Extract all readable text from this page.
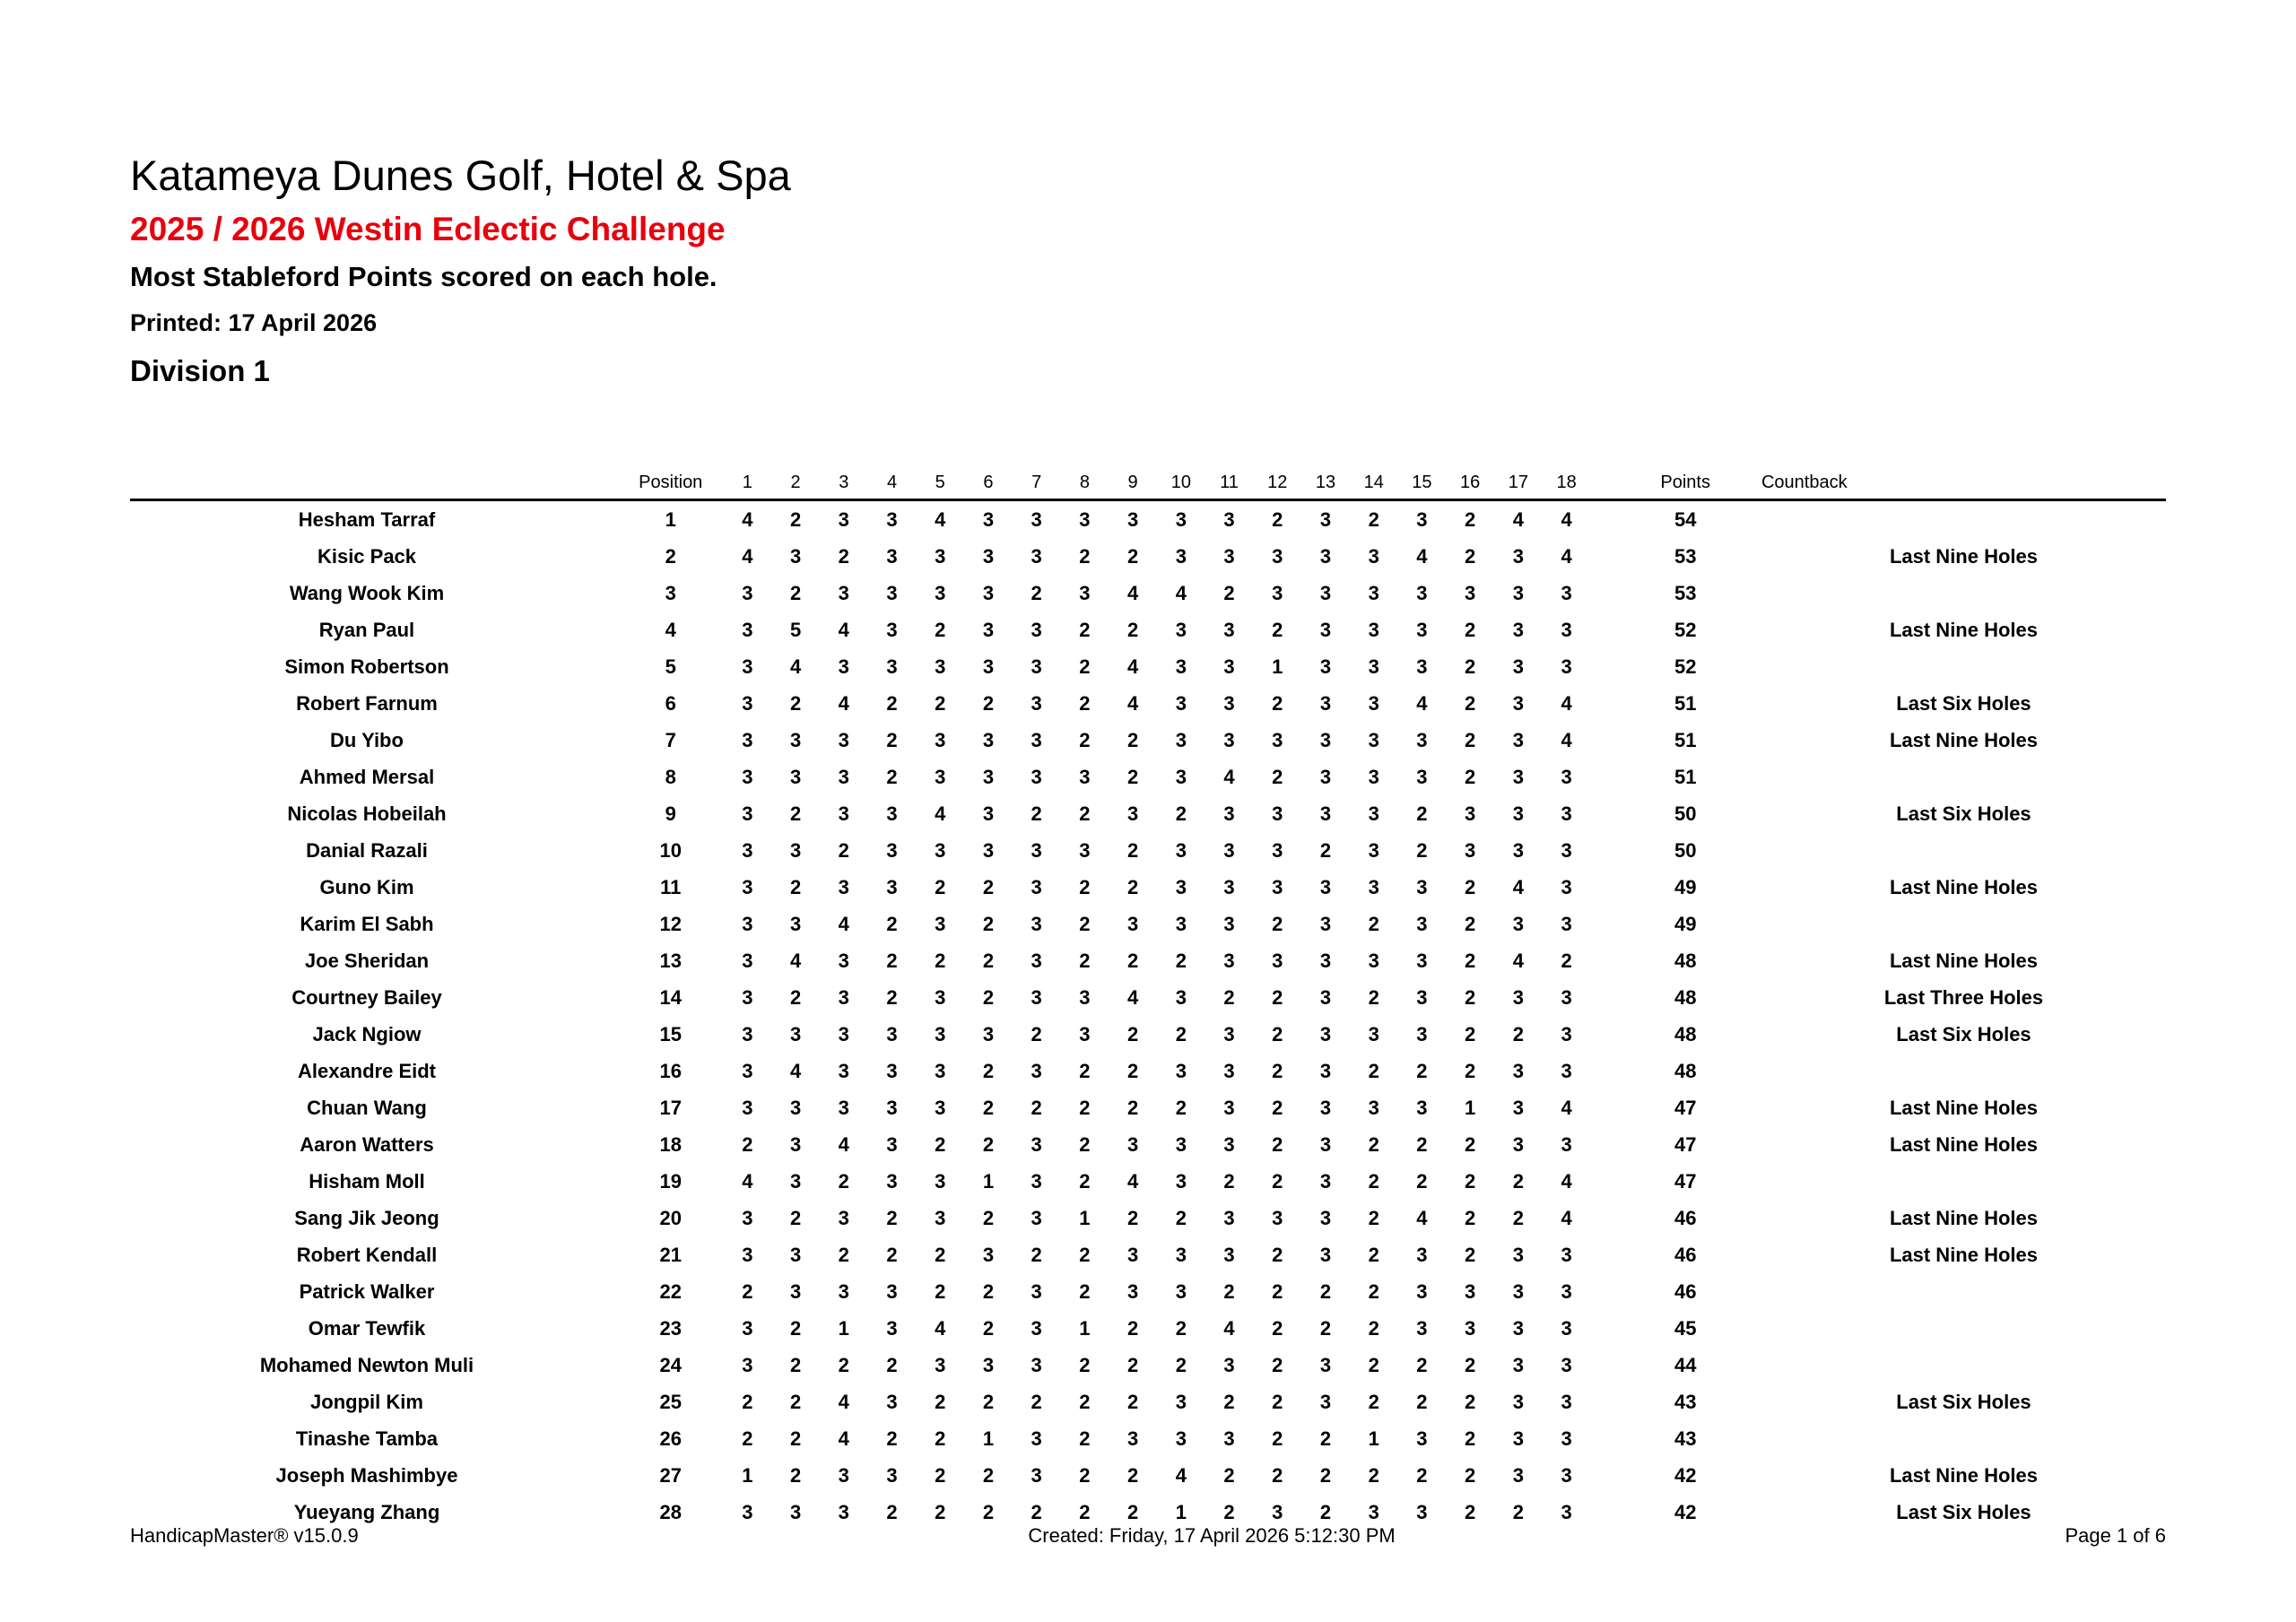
Katameya Dunes Golf, Hotel & Spa
2025 / 2026 Westin Eclectic Challenge
Most Stableford Points scored on each hole.
Printed: 17 April 2026
Division 1
	Position	1	2	3	4	5	6	7	8	9	10	11	12	13	14	15	16	17	18		Points	Countback

Hesham Tarraf	1	4	2	3	3	4	3	3	3	3	3	3	2	3	2	3	2	4	4		54	
Kisic Pack	2	4	3	2	3	3	3	3	2	2	3	3	3	3	3	4	2	3	4		53	Last Nine Holes
Wang Wook Kim	3	3	2	3	3	3	3	2	3	4	4	2	3	3	3	3	3	3	3		53	
Ryan Paul	4	3	5	4	3	2	3	3	2	2	3	3	2	3	3	3	2	3	3		52	Last Nine Holes
Simon Robertson	5	3	4	3	3	3	3	3	2	4	3	3	1	3	3	3	2	3	3		52	
Robert Farnum	6	3	2	4	2	2	2	3	2	4	3	3	2	3	3	4	2	3	4		51	Last Six Holes
Du Yibo	7	3	3	3	2	3	3	3	2	2	3	3	3	3	3	3	2	3	4		51	Last Nine Holes
Ahmed Mersal	8	3	3	3	2	3	3	3	3	2	3	4	2	3	3	3	2	3	3		51	
Nicolas Hobeilah	9	3	2	3	3	4	3	2	2	3	2	3	3	3	3	2	3	3	3		50	Last Six Holes
Danial Razali	10	3	3	2	3	3	3	3	3	2	3	3	3	2	3	2	3	3	3		50	
Guno Kim	11	3	2	3	3	2	2	3	2	2	3	3	3	3	3	3	2	4	3		49	Last Nine Holes
Karim El Sabh	12	3	3	4	2	3	2	3	2	3	3	3	2	3	2	3	2	3	3		49	
Joe Sheridan	13	3	4	3	2	2	2	3	2	2	2	3	3	3	3	3	2	4	2		48	Last Nine Holes
Courtney Bailey	14	3	2	3	2	3	2	3	3	4	3	2	2	3	2	3	2	3	3		48	Last Three Holes
Jack Ngiow	15	3	3	3	3	3	3	2	3	2	2	3	2	3	3	3	2	2	3		48	Last Six Holes
Alexandre Eidt	16	3	4	3	3	3	2	3	2	2	3	3	2	3	2	2	2	3	3		48	
Chuan Wang	17	3	3	3	3	3	2	2	2	2	2	3	2	3	3	3	1	3	4		47	Last Nine Holes
Aaron Watters	18	2	3	4	3	2	2	3	2	3	3	3	2	3	2	2	2	3	3		47	Last Nine Holes
Hisham Moll	19	4	3	2	3	3	1	3	2	4	3	2	2	3	2	2	2	2	4		47	
Sang Jik Jeong	20	3	2	3	2	3	2	3	1	2	2	3	3	3	2	4	2	2	4		46	Last Nine Holes
Robert Kendall	21	3	3	2	2	2	3	2	2	3	3	3	2	3	2	3	2	3	3		46	Last Nine Holes
Patrick Walker	22	2	3	3	3	2	2	3	2	3	3	2	2	2	2	3	3	3	3		46	
Omar Tewfik	23	3	2	1	3	4	2	3	1	2	2	4	2	2	2	3	3	3	3		45	
Mohamed Newton Muli	24	3	2	2	2	3	3	3	2	2	2	3	2	3	2	2	2	3	3		44	
Jongpil Kim	25	2	2	4	3	2	2	2	2	2	3	2	2	3	2	2	2	3	3		43	Last Six Holes
Tinashe Tamba	26	2	2	4	2	2	1	3	2	3	3	3	2	2	1	3	2	3	3		43	
Joseph Mashimbye	27	1	2	3	3	2	2	3	2	2	4	2	2	2	2	2	2	3	3		42	Last Nine Holes
Yueyang Zhang	28	3	3	3	2	2	2	2	2	2	1	2	3	2	3	3	2	2	3		42	Last Six Holes
HandicapMaster® v15.0.9	Created: Friday, 17 April 2026 5:12:30 PM	Page 1 of 6
